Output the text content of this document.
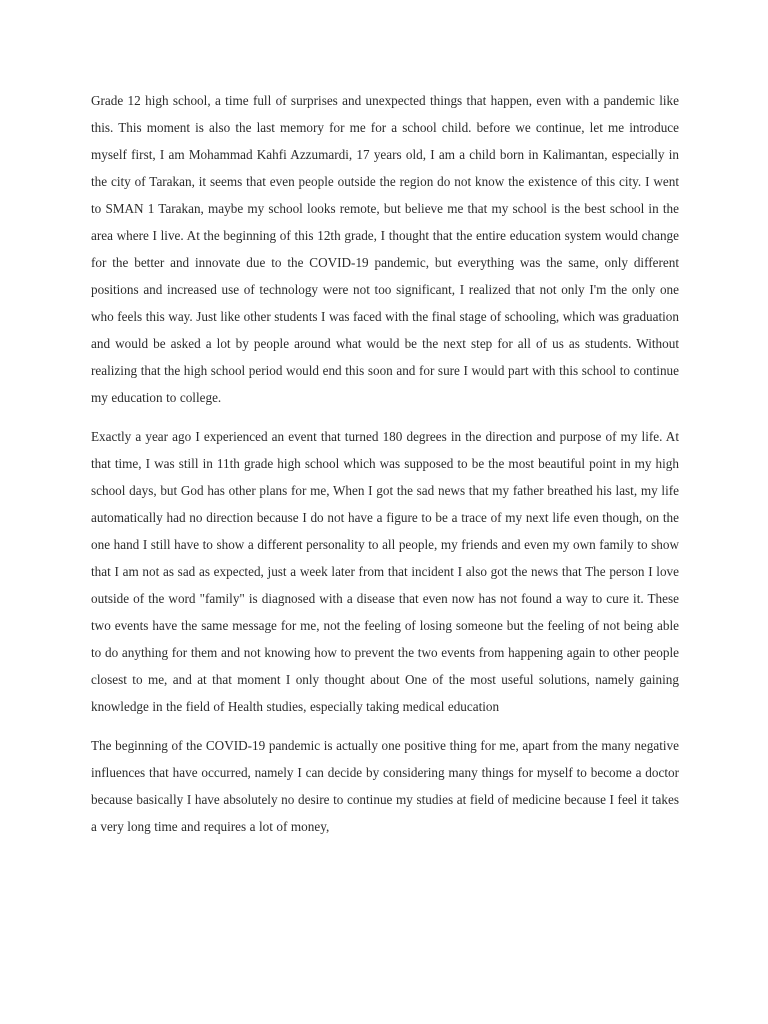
Grade 12 high school, a time full of surprises and unexpected things that happen, even with a pandemic like this. This moment is also the last memory for me for a school child. before we continue, let me introduce myself first, I am Mohammad Kahfi Azzumardi, 17 years old, I am a child born in Kalimantan, especially in the city of Tarakan, it seems that even people outside the region do not know the existence of this city. I went to SMAN 1 Tarakan, maybe my school looks remote, but believe me that my school is the best school in the area where I live. At the beginning of this 12th grade, I thought that the entire education system would change for the better and innovate due to the COVID-19 pandemic, but everything was the same, only different positions and increased use of technology were not too significant, I realized that not only I'm the only one who feels this way. Just like other students I was faced with the final stage of schooling, which was graduation and would be asked a lot by people around what would be the next step for all of us as students. Without realizing that the high school period would end this soon and for sure I would part with this school to continue my education to college.

Exactly a year ago I experienced an event that turned 180 degrees in the direction and purpose of my life. At that time, I was still in 11th grade high school which was supposed to be the most beautiful point in my high school days, but God has other plans for me, When I got the sad news that my father breathed his last, my life automatically had no direction because I do not have a figure to be a trace of my next life even though, on the one hand I still have to show a different personality to all people, my friends and even my own family to show that I am not as sad as expected, just a week later from that incident I also got the news that The person I love outside of the word "family" is diagnosed with a disease that even now has not found a way to cure it. These two events have the same message for me, not the feeling of losing someone but the feeling of not being able to do anything for them and not knowing how to prevent the two events from happening again to other people closest to me, and at that moment I only thought about One of the most useful solutions, namely gaining knowledge in the field of Health studies, especially taking medical education

The beginning of the COVID-19 pandemic is actually one positive thing for me, apart from the many negative influences that have occurred, namely I can decide by considering many things for myself to become a doctor because basically I have absolutely no desire to continue my studies at field of medicine because I feel it takes a very long time and requires a lot of money,
